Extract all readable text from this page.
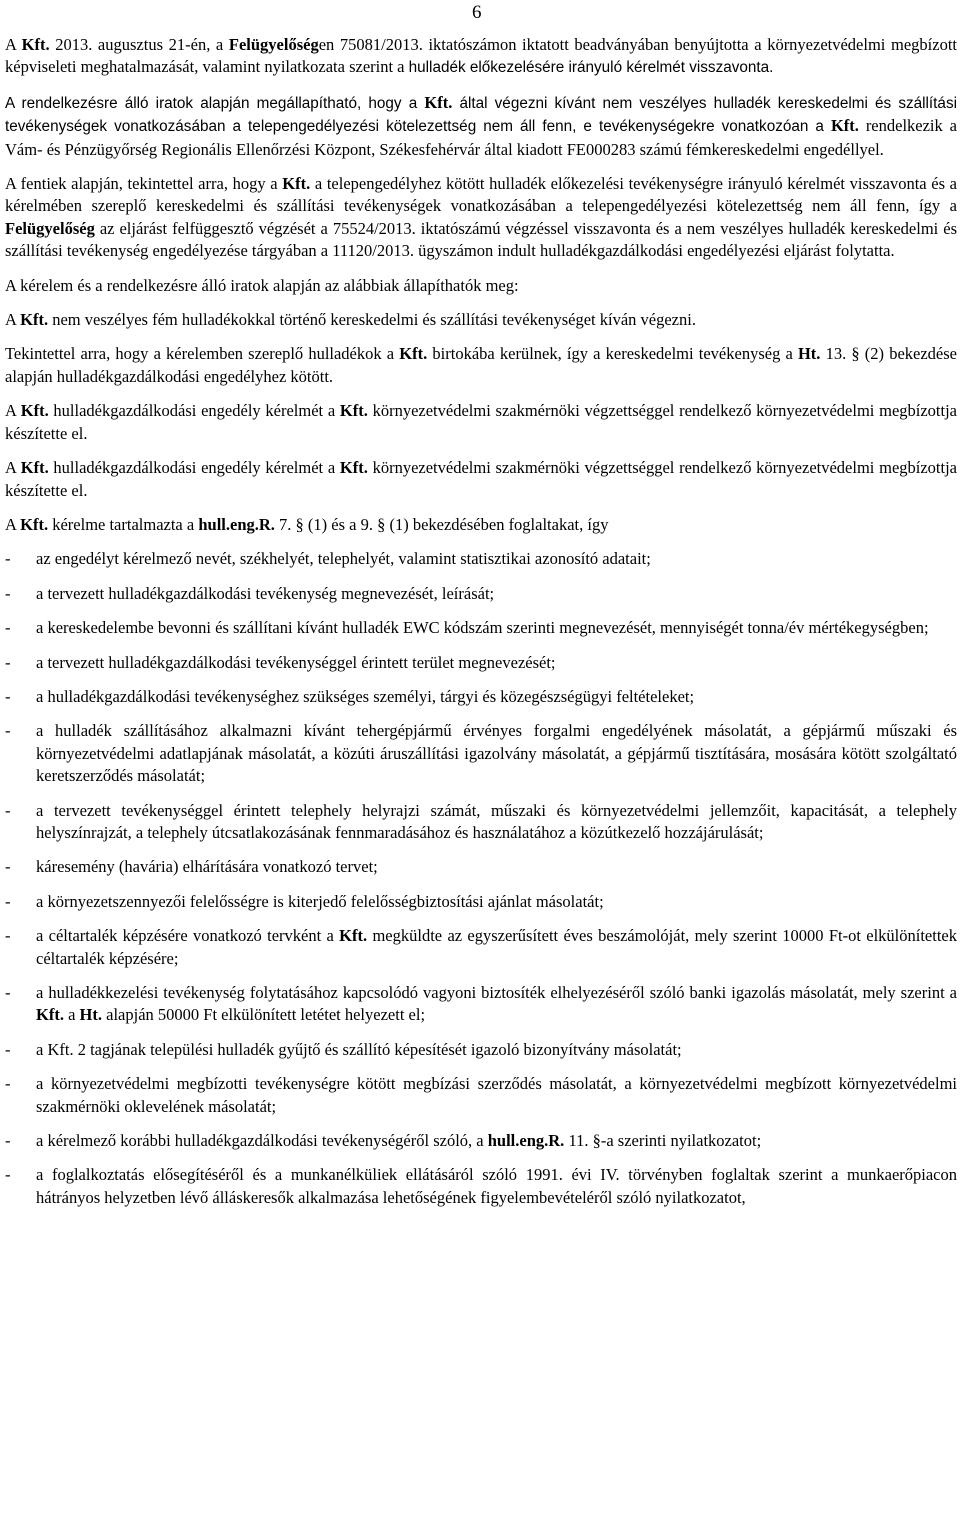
6

A Kft. 2013. augusztus 21-én, a Felügyelőségen 75081/2013. iktatószámon iktatott beadványában benyújtotta a környezetvédelmi megbízott képviseleti meghatalmazását, valamint nyilatkozata szerint a hulladék előkezelésére irányuló kérelmét visszavonta.

A rendelkezésre álló iratok alapján megállapítható, hogy a Kft. által végezni kívánt nem veszélyes hulladék kereskedelmi és szállítási tevékenységek vonatkozásában a telepengedélyezési kötelezettség nem áll fenn, e tevékenységekre vonatkozóan a Kft. rendelkezik a Vám- és Pénzügyőrség Regionális Ellenőrzési Központ, Székesfehérvár által kiadott FE000283 számú fémkereskedelmi engedéllyel.

A fentiek alapján, tekintettel arra, hogy a Kft. a telepengedélyhez kötött hulladék előkezelési tevékenységre irányuló kérelmét visszavonta és a kérelmében szereplő kereskedelmi és szállítási tevékenységek vonatkozásában a telepengedélyezési kötelezettség nem áll fenn, így a Felügyelőség az eljárást felfüggesztő végzését a 75524/2013. iktatószámú végzéssel visszavonta és a nem veszélyes hulladék kereskedelmi és szállítási tevékenység engedélyezése tárgyában a 11120/2013. ügyszámon indult hulladékgazdálkodási engedélyezési eljárást folytatta.

A kérelem és a rendelkezésre álló iratok alapján az alábbiak állapíthatók meg:

A Kft. nem veszélyes fém hulladékokkal történő kereskedelmi és szállítási tevékenységet kíván végezni.

Tekintettel arra, hogy a kérelemben szereplő hulladékok a Kft. birtokába kerülnek, így a kereskedelmi tevékenység a Ht. 13. § (2) bekezdése alapján hulladékgazdálkodási engedélyhez kötött.

A Kft. hulladékgazdálkodási engedély kérelmét a Kft. környezetvédelmi szakmérnöki végzettséggel rendelkező környezetvédelmi megbízottja készítette el.

A Kft. hulladékgazdálkodási engedély kérelmét a Kft. környezetvédelmi szakmérnöki végzettséggel rendelkező környezetvédelmi megbízottja készítette el.

A Kft. kérelme tartalmazta a hull.eng.R. 7. § (1) és a 9. § (1) bekezdésében foglaltakat, így

- az engedélyt kérelmező nevét, székhelyét, telephelyét, valamint statisztikai azonosító adatait;
- a tervezett hulladékgazdálkodási tevékenység megnevezését, leírását;
- a kereskedelembe bevonni és szállítani kívánt hulladék EWC kódszám szerinti megnevezését, mennyiségét tonna/év mértékegységben;
- a tervezett hulladékgazdálkodási tevékenységgel érintett terület megnevezését;
- a hulladékgazdálkodási tevékenységhez szükséges személyi, tárgyi és közegészségügyi feltételeket;
- a hulladék szállításához alkalmazni kívánt tehergépjármű érvényes forgalmi engedélyének másolatát, a gépjármű műszaki és környezetvédelmi adatlapjának másolatát, a közúti áruszállítási igazolvány másolatát, a gépjármű tisztítására, mosására kötött szolgáltató keretszerződés másolatát;
- a tervezett tevékenységgel érintett telephely helyrajzi számát, műszaki és környezetvédelmi jellemzőit, kapacitását, a telephely helyszínrajzát, a telephely útcsatlakozásának fennmaradásához és használatához a közútkezelő hozzájárulását;
- káresemény (havária) elhárítására vonatkozó tervet;
- a környezetszennyezői felelősségre is kiterjedő felelősségbiztosítási ajánlat másolatát;
- a céltartalék képzésére vonatkozó tervként a Kft. megküldte az egyszerűsített éves beszámolóját, mely szerint 10000 Ft-ot elkülönítettek céltartalék képzésére;
- a hulladékkezelési tevékenység folytatásához kapcsolódó vagyoni biztosíték elhelyezéséről szóló banki igazolás másolatát, mely szerint a Kft. a Ht. alapján 50000 Ft elkülönített letétet helyezett el;
- a Kft. 2 tagjának települési hulladék gyűjtő és szállító képesítését igazoló bizonyítvány másolatát;
- a környezetvédelmi megbízotti tevékenységre kötött megbízási szerződés másolatát, a környezetvédelmi megbízott környezetvédelmi szakmérnöki oklevelének másolatát;
- a kérelmező korábbi hulladékgazdálkodási tevékenységéről szóló, a hull.eng.R. 11. §-a szerinti nyilatkozatot;
- a foglalkoztatás elősegítéséről és a munkanélküliek ellátásáról szóló 1991. évi IV. törvényben foglaltak szerint a munkaerőpiacon hátrányos helyzetben lévő álláskeresők alkalmazása lehetőségének figyelembevételéről szóló nyilatkozatot,
